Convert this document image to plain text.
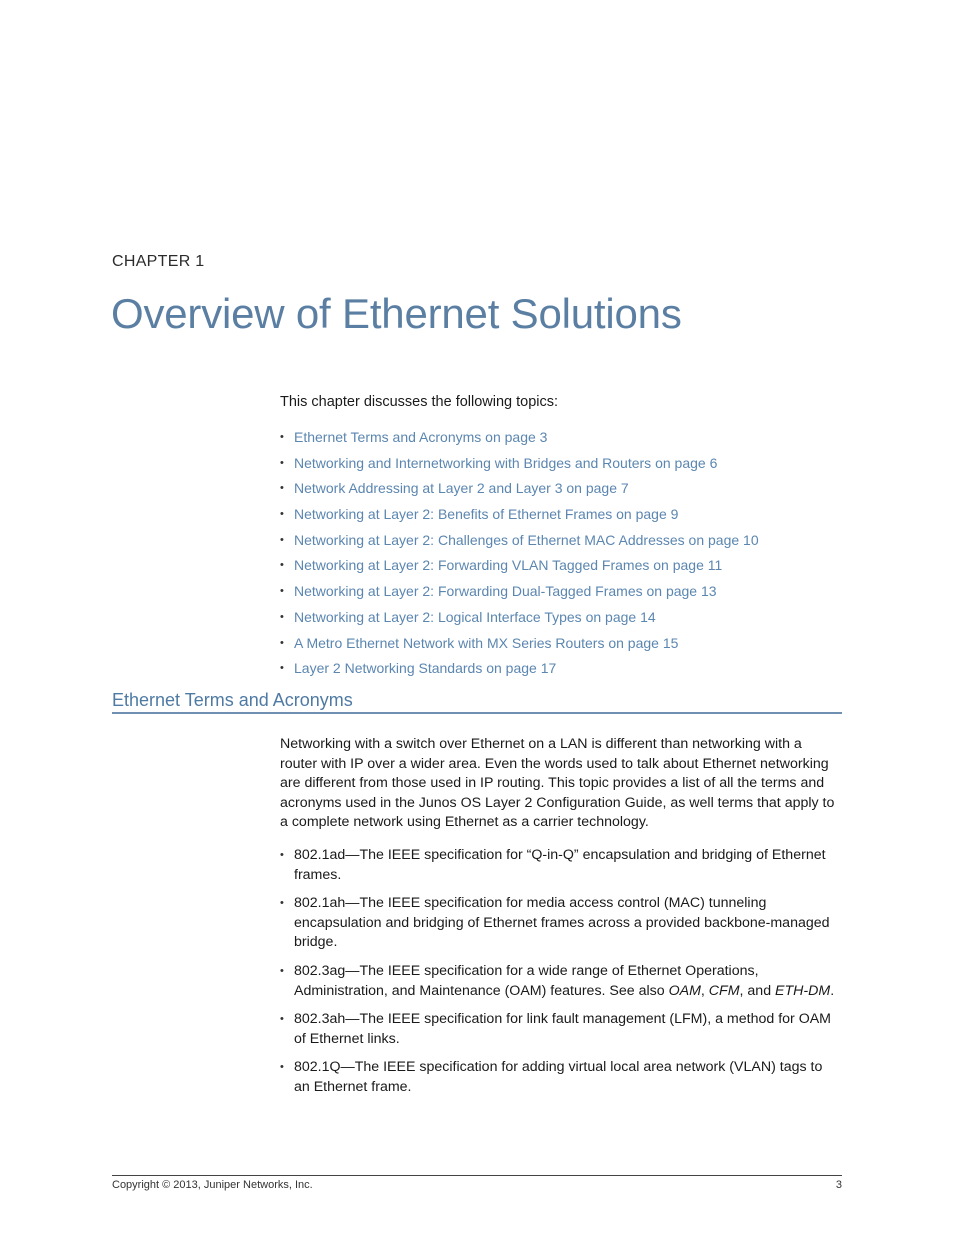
CHAPTER 1
Overview of Ethernet Solutions
This chapter discusses the following topics:
• Ethernet Terms and Acronyms on page 3
• Networking and Internetworking with Bridges and Routers on page 6
• Network Addressing at Layer 2 and Layer 3 on page 7
• Networking at Layer 2: Benefits of Ethernet Frames on page 9
• Networking at Layer 2: Challenges of Ethernet MAC Addresses on page 10
• Networking at Layer 2: Forwarding VLAN Tagged Frames on page 11
• Networking at Layer 2: Forwarding Dual-Tagged Frames on page 13
• Networking at Layer 2: Logical Interface Types on page 14
• A Metro Ethernet Network with MX Series Routers on page 15
• Layer 2 Networking Standards on page 17
Ethernet Terms and Acronyms

Networking with a switch over Ethernet on a LAN is different than networking with a router with IP over a wider area. Even the words used to talk about Ethernet networking are different from those used in IP routing. This topic provides a list of all the terms and acronyms used in the Junos OS Layer 2 Configuration Guide, as well terms that apply to a complete network using Ethernet as a carrier technology.

• 802.1ad—The IEEE specification for “Q-in-Q” encapsulation and bridging of Ethernet frames.
• 802.1ah—The IEEE specification for media access control (MAC) tunneling encapsulation and bridging of Ethernet frames across a provided backbone-managed bridge.
• 802.3ag—The IEEE specification for a wide range of Ethernet Operations, Administration, and Maintenance (OAM) features. See also OAM, CFM, and ETH-DM.
• 802.3ah—The IEEE specification for link fault management (LFM), a method for OAM of Ethernet links.
• 802.1Q—The IEEE specification for adding virtual local area network (VLAN) tags to an Ethernet frame.
Copyright © 2013, Juniper Networks, Inc.	3
